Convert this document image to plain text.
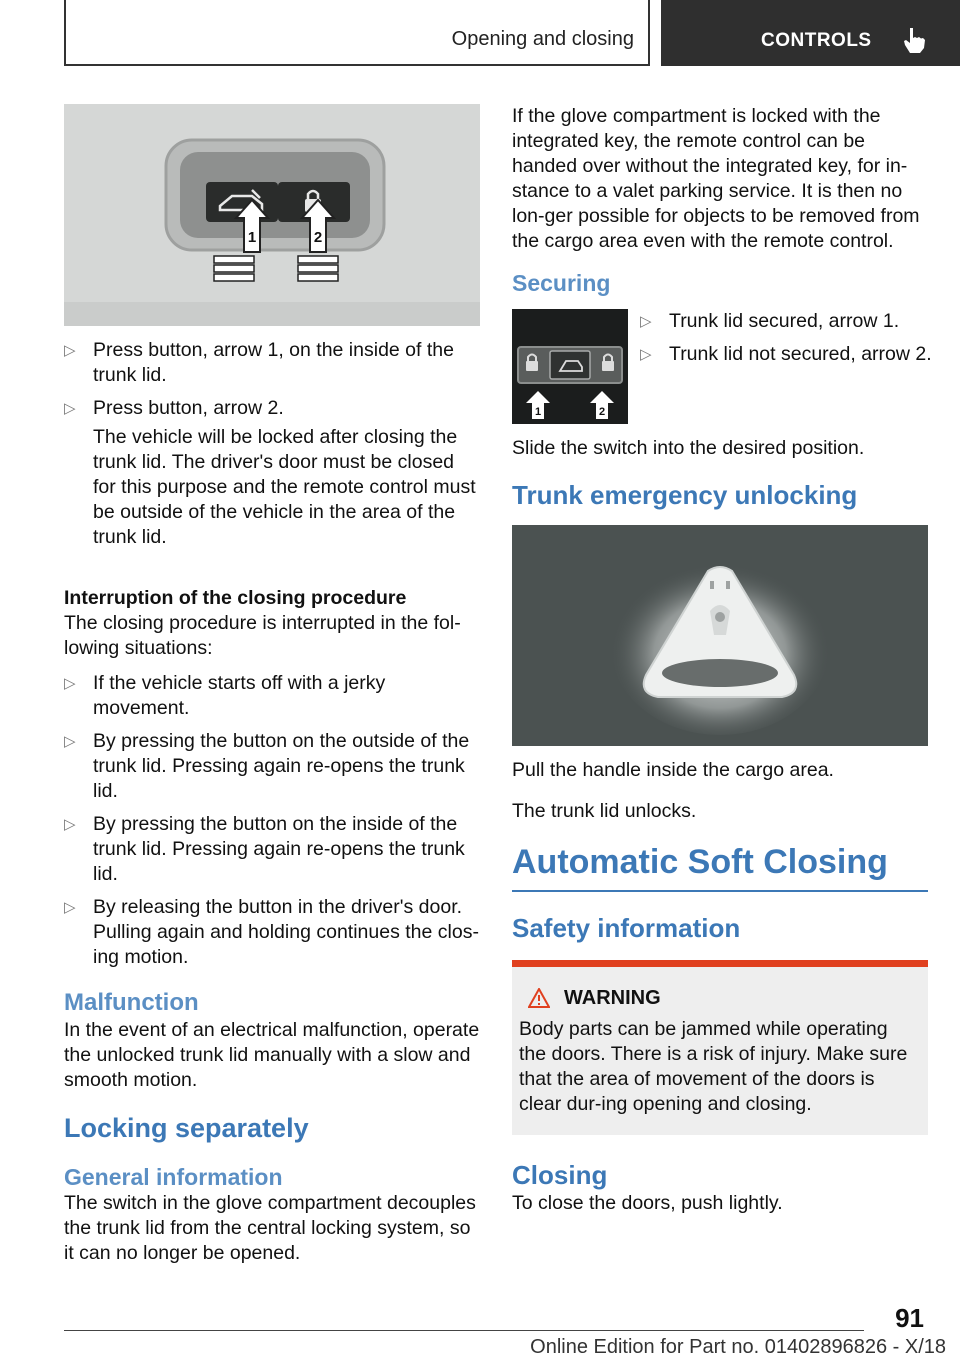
Opening and closing	CONTROLS
1	2
▷ Press button, arrow 1, on the inside of the trunk lid.
▷ Press button, arrow 2.

The vehicle will be locked after closing the trunk lid. The driver's door must be closed for this purpose and the remote control must be outside of the vehicle in the area of the trunk lid.

Interruption of the closing procedure

The closing procedure is interrupted in the fol-lowing situations:

▷ If the vehicle starts off with a jerky movement.
▷ By pressing the button on the outside of the trunk lid. Pressing again re-opens the trunk lid.
▷ By pressing the button on the inside of the trunk lid. Pressing again re-opens the trunk lid.
▷ By releasing the button in the driver's door. Pulling again and holding continues the clos-ing motion.
Malfunction

In the event of an electrical malfunction, operate the unlocked trunk lid manually with a slow and smooth motion.

Locking separately
General information

The switch in the glove compartment decouples the trunk lid from the central locking system, so it can no longer be opened.

If the glove compartment is locked with the integrated key, the remote control can be handed over without the integrated key, for in-stance to a valet parking service. It is then no lon-ger possible for objects to be removed from the cargo area even with the remote control.

Securing
1	2
▷ Trunk lid secured, arrow 1.
▷ Trunk lid not secured, arrow 2.

Slide the switch into the desired position.

Trunk emergency unlocking

Pull the handle inside the cargo area.

The trunk lid unlocks.

Automatic Soft Closing
Safety information
WARNING

Body parts can be jammed while operating the doors. There is a risk of injury. Make sure that the area of movement of the doors is clear dur-ing opening and closing.

Closing

To close the doors, push lightly.

91
Online Edition for Part no. 01402896826 - X/18
